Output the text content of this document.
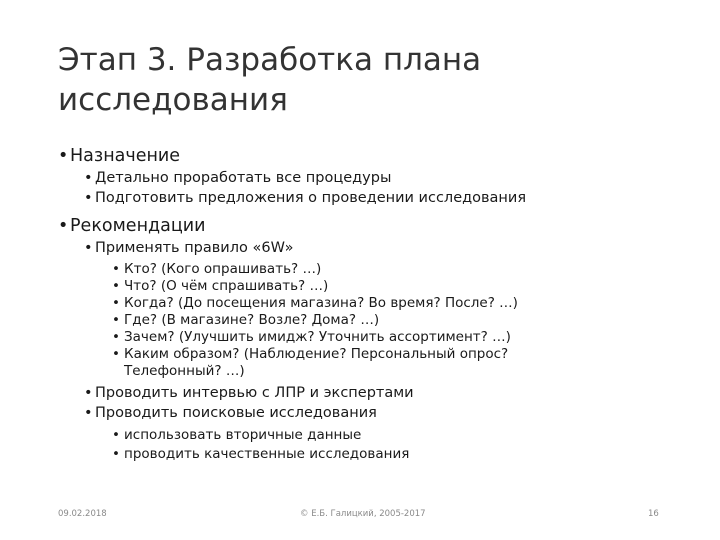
Этап 3. Разработка плана
исследования
• Назначение
• Детально проработать все процедуры
• Подготовить предложения о проведении исследования
• Рекомендации
• Применять правило «6W»
• Кто? (Кого опрашивать? …)
• Что? (О чём спрашивать? …)
• Когда? (До посещения магазина? Во время? После? …)
• Где? (В магазине? Возле? Дома? …)
• Зачем? (Улучшить имидж? Уточнить ассортимент? …)
• Каким образом? (Наблюдение? Персональный опрос? Телефонный? …)
• Проводить интервью с ЛПР и экспертами
• Проводить поисковые исследования
• использовать вторичные данные
• проводить качественные исследования
09.02.2018	© Е.Б. Галицкий, 2005-2017	16
